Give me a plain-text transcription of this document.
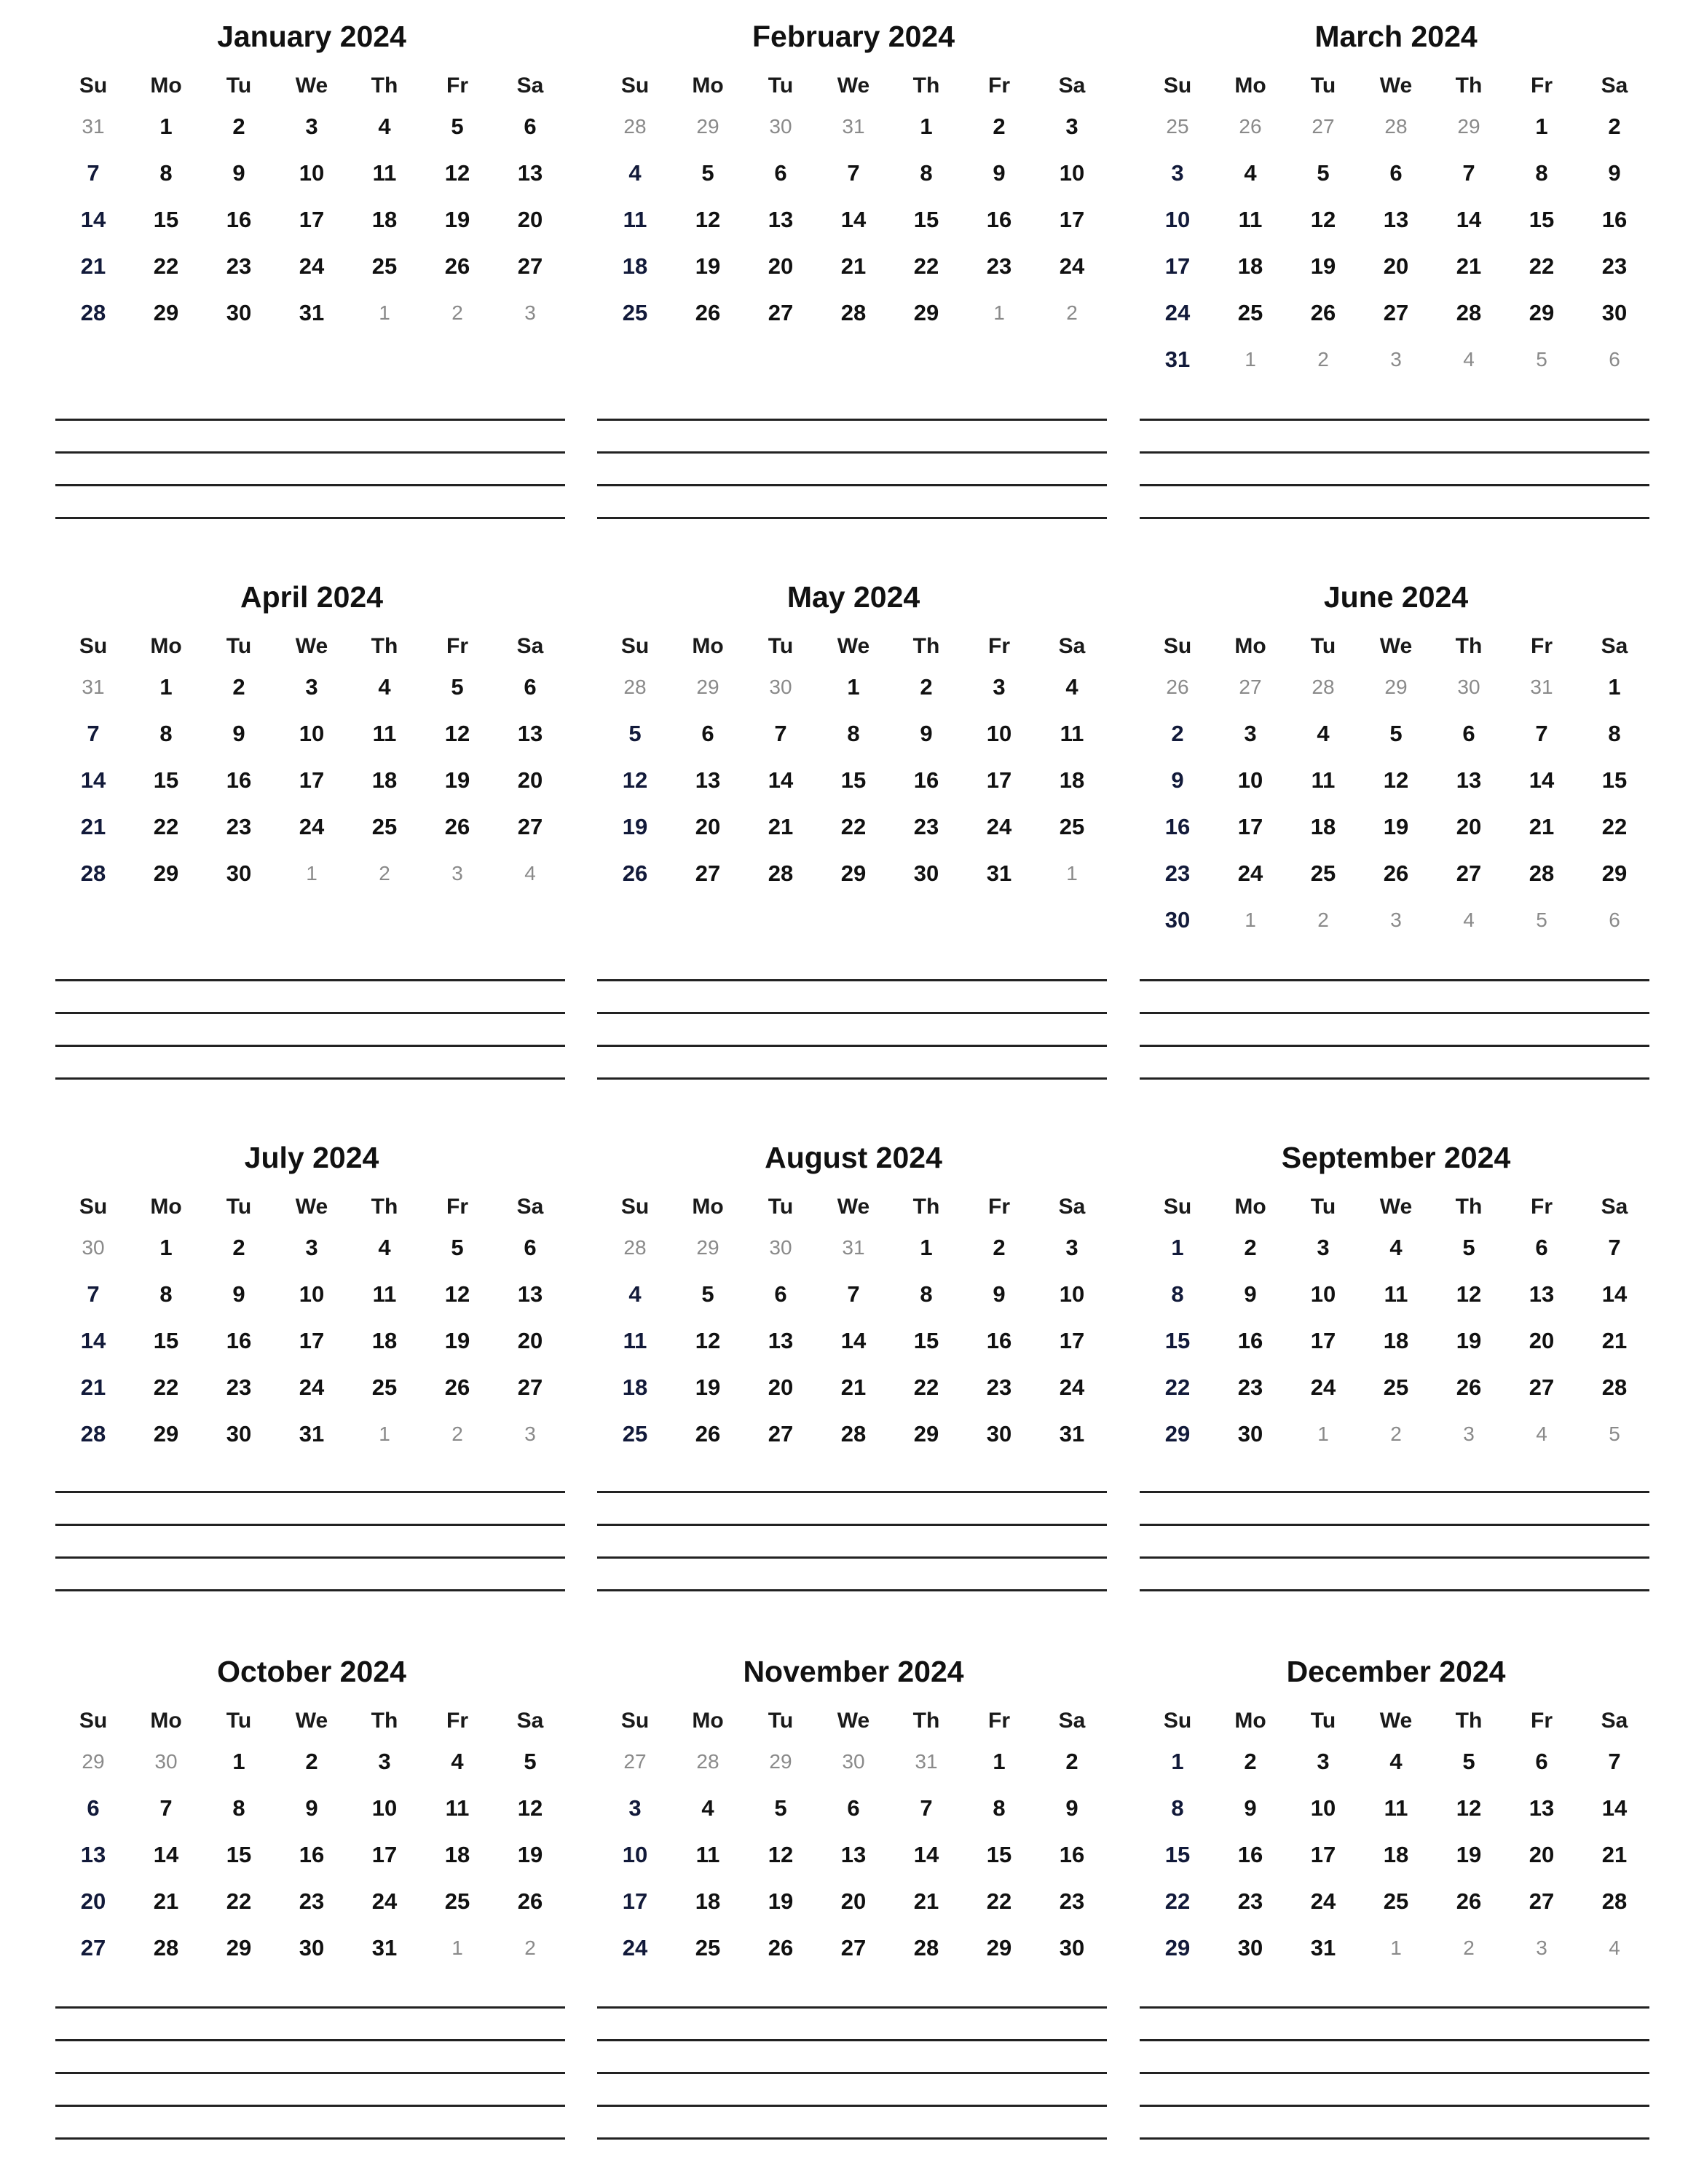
January 2024
Su	Mo	Tu	We	Th	Fr	Sa
31	1	2	3	4	5	6
7	8	9	10	11	12	13
14	15	16	17	18	19	20
21	22	23	24	25	26	27
28	29	30	31	1	2	3
February 2024
Su	Mo	Tu	We	Th	Fr	Sa
28	29	30	31	1	2	3
4	5	6	7	8	9	10
11	12	13	14	15	16	17
18	19	20	21	22	23	24
25	26	27	28	29	1	2
March 2024
Su	Mo	Tu	We	Th	Fr	Sa
25	26	27	28	29	1	2
3	4	5	6	7	8	9
10	11	12	13	14	15	16
17	18	19	20	21	22	23
24	25	26	27	28	29	30
31	1	2	3	4	5	6
April 2024
Su	Mo	Tu	We	Th	Fr	Sa
31	1	2	3	4	5	6
7	8	9	10	11	12	13
14	15	16	17	18	19	20
21	22	23	24	25	26	27
28	29	30	1	2	3	4
May 2024
Su	Mo	Tu	We	Th	Fr	Sa
28	29	30	1	2	3	4
5	6	7	8	9	10	11
12	13	14	15	16	17	18
19	20	21	22	23	24	25
26	27	28	29	30	31	1
June 2024
Su	Mo	Tu	We	Th	Fr	Sa
26	27	28	29	30	31	1
2	3	4	5	6	7	8
9	10	11	12	13	14	15
16	17	18	19	20	21	22
23	24	25	26	27	28	29
30	1	2	3	4	5	6
July 2024
Su	Mo	Tu	We	Th	Fr	Sa
30	1	2	3	4	5	6
7	8	9	10	11	12	13
14	15	16	17	18	19	20
21	22	23	24	25	26	27
28	29	30	31	1	2	3
August 2024
Su	Mo	Tu	We	Th	Fr	Sa
28	29	30	31	1	2	3
4	5	6	7	8	9	10
11	12	13	14	15	16	17
18	19	20	21	22	23	24
25	26	27	28	29	30	31
September 2024
Su	Mo	Tu	We	Th	Fr	Sa
1	2	3	4	5	6	7
8	9	10	11	12	13	14
15	16	17	18	19	20	21
22	23	24	25	26	27	28
29	30	1	2	3	4	5
October 2024
Su	Mo	Tu	We	Th	Fr	Sa
29	30	1	2	3	4	5
6	7	8	9	10	11	12
13	14	15	16	17	18	19
20	21	22	23	24	25	26
27	28	29	30	31	1	2
November 2024
Su	Mo	Tu	We	Th	Fr	Sa
27	28	29	30	31	1	2
3	4	5	6	7	8	9
10	11	12	13	14	15	16
17	18	19	20	21	22	23
24	25	26	27	28	29	30
December 2024
Su	Mo	Tu	We	Th	Fr	Sa
1	2	3	4	5	6	7
8	9	10	11	12	13	14
15	16	17	18	19	20	21
22	23	24	25	26	27	28
29	30	31	1	2	3	4
